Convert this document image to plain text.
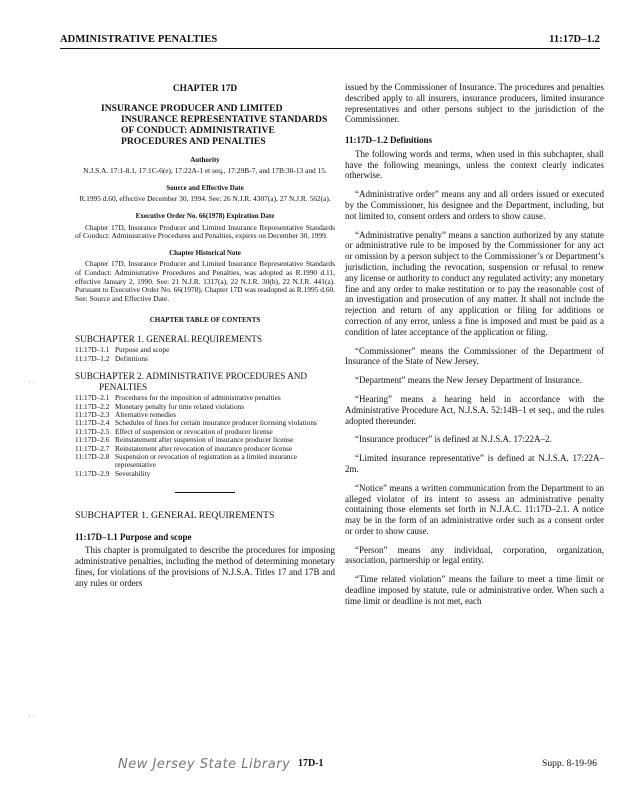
ADMINISTRATIVE PENALTIES	11:17D–1.2
CHAPTER 17D
INSURANCE PRODUCER AND LIMITED INSURANCE REPRESENTATIVE STANDARDS OF CONDUCT: ADMINISTRATIVE PROCEDURES AND PENALTIES
Authority
N.J.S.A. 17:1-8.1, 17:1C-6(e), 17:22A-1 et seq., 17:29B-7, and 17B:30-13 and 15.
Source and Effective Date
R.1995 d.60, effective December 30, 1994. See: 26 N.J.R. 4307(a), 27 N.J.R. 562(a).
Executive Order No. 66(1978) Expiration Date
Chapter 17D, Insurance Producer and Limited Insurance Representative Standards of Conduct: Administrative Procedures and Penalties, expires on December 30, 1999.
Chapter Historical Note
Chapter 17D, Insurance Producer and Limited Insurance Representative Standards of Conduct: Administrative Procedures and Penalties, was adopted as R.1990 d.11, effective January 2, 1990. See: 21 N.J.R. 1317(a), 22 N.J.R. 30(b), 22 N.J.R. 441(a). Pursuant to Executive Order No. 66(1978), Chapter 17D was readopted as R.1995 d.60. See: Source and Effective Date.
CHAPTER TABLE OF CONTENTS
SUBCHAPTER 1. GENERAL REQUIREMENTS
11:17D–1.1 Purpose and scope
11:17D–1.2 Definitions
SUBCHAPTER 2. ADMINISTRATIVE PROCEDURES AND PENALTIES
11:17D–2.1 Procedures for the imposition of administrative penalties
11:17D–2.2 Monetary penalty for time related violations
11:17D–2.3 Alternative remedies
11:17D–2.4 Schedules of fines for certain insurance producer licensing violations
11:17D–2.5 Effect of suspension or revocation of producer license
11:17D–2.6 Reinstatement after suspension of insurance producer license
11:17D–2.7 Reinstatement after revocation of insurance producer license
11:17D–2.8 Suspension or revocation of registration as a limited insurance representative
11:17D–2.9 Severability
SUBCHAPTER 1. GENERAL REQUIREMENTS
11:17D–1.1 Purpose and scope

This chapter is promulgated to describe the procedures for imposing administrative penalties, including the method of determining monetary fines, for violations of the provisions of N.J.S.A. Titles 17 and 17B and any rules or orders

issued by the Commissioner of Insurance. The procedures and penalties described apply to all insurers, insurance producers, limited insurance representatives and other persons subject to the jurisdiction of the Commissioner.

11:17D–1.2 Definitions

The following words and terms, when used in this subchapter, shall have the following meanings, unless the context clearly indicates otherwise.

“Administrative order” means any and all orders issued or executed by the Commissioner, his designee and the Department, including, but not limited to, consent orders and orders to show cause.

“Administrative penalty” means a sanction authorized by any statute or administrative rule to be imposed by the Commissioner for any act or omission by a person subject to the Commissioner’s or Department’s jurisdiction, including the revocation, suspension or refusal to renew any license or authority to conduct any regulated activity; any monetary fine and any order to make restitution or to pay the reasonable cost of an investigation and prosecution of any matter. It shall not include the rejection and return of any application or filing for additions or correction of any error, unless a fine is imposed and must be paid as a condition of later acceptance of the application or filing.

“Commissioner” means the Commissioner of the Department of Insurance of the State of New Jersey.

“Department” means the New Jersey Department of Insurance.

“Hearing” means a hearing held in accordance with the Administrative Procedure Act, N.J.S.A. 52:14B–1 et seq., and the rules adopted thereunder.

“Insurance producer” is defined at N.J.S.A. 17:22A–2.

“Limited insurance representative” is defined at N.J.S.A. 17:22A–2m.

“Notice” means a written communication from the Department to an alleged violator of its intent to assess an administrative penalty containing those elements set forth in N.J.A.C. 11:17D–2.1. A notice may be in the form of an administrative order such as a consent order or order to show cause.

“Person” means any individual, corporation, organization, association, partnership or legal entity.

“Time related violation” means the failure to meet a time limit or deadline imposed by statute, rule or administrative order. When such a time limit or deadline is not met, each

· ·
· ·
New Jersey State Library 17D-1	Supp. 8-19-96
